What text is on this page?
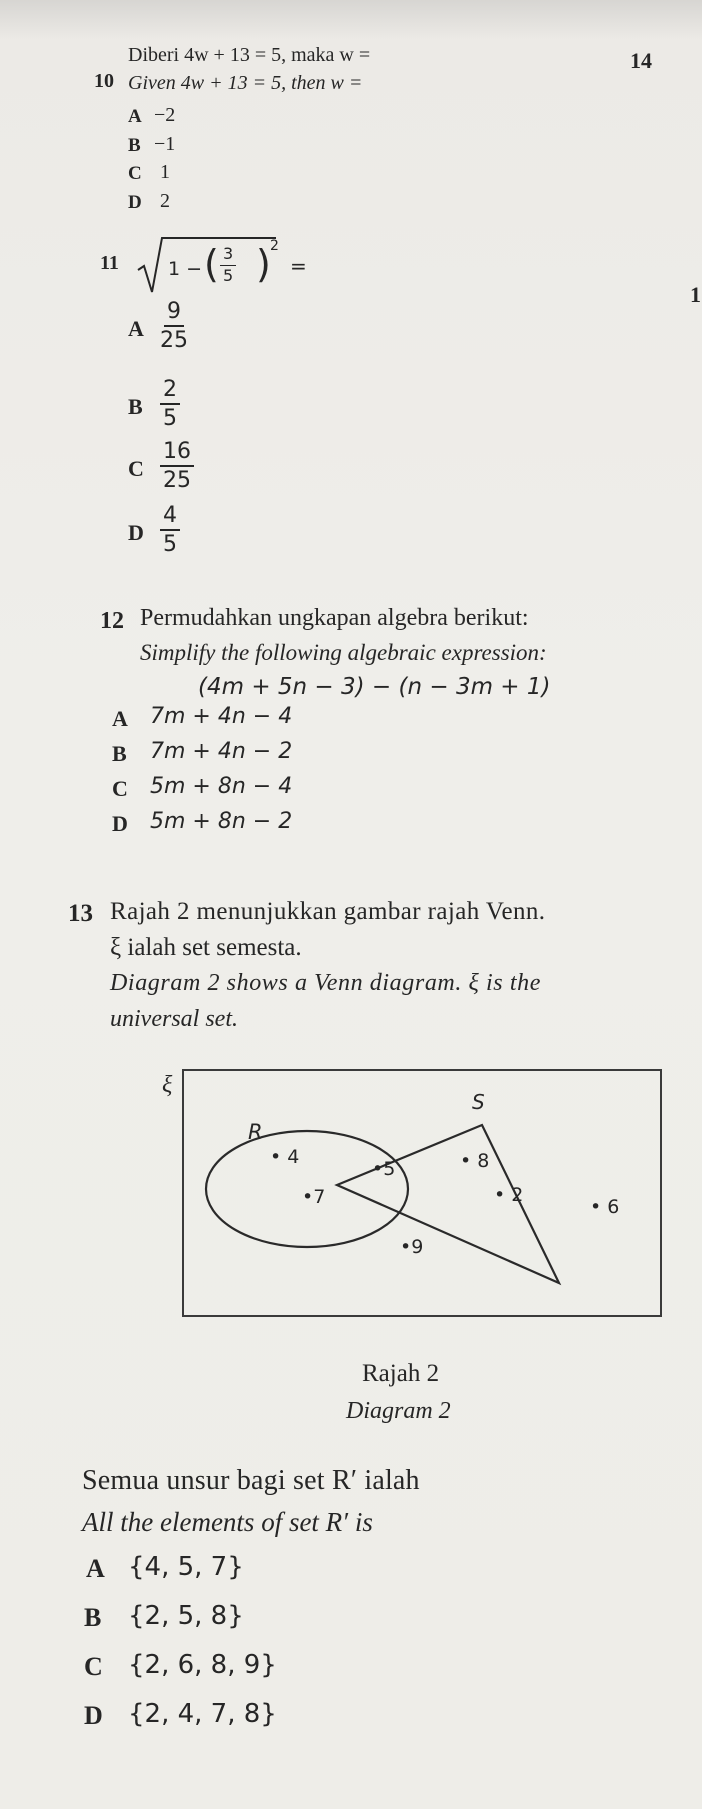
14
1
10
Diberi 4w + 13 = 5, maka w =
Given 4w + 13 = 5, then w =
A −2
B −1
C 1
D 2
11	1 − ( )
$\frac{3}{5} 2$
=
A $\frac{9}{25}$
B $\frac{2}{5}$
C $\frac{16}{25}$
D $\frac{4}{5}$
12 Permudahkan ungkapan algebra berikut:
Simplify the following algebraic expression:
(4m + 5n − 3) − (n − 3m + 1)
A 7m + 4n − 4
B 7m + 4n − 2
C 5m + 8n − 4
D 5m + 8n − 2
13 Rajah 2 menunjukkan gambar rajah Venn.
ξ ialah set semesta.
Diagram 2 shows a Venn diagram. ξ is the
universal set.
ξ
R
S
• 4
•5
•7
• 8
• 2
• 6
•9
Rajah 2
Diagram 2
Semua unsur bagi set R′ ialah
All the elements of set R′ is
A {4, 5, 7}
B {2, 5, 8}
C {2, 6, 8, 9}
D {2, 4, 7, 8}
